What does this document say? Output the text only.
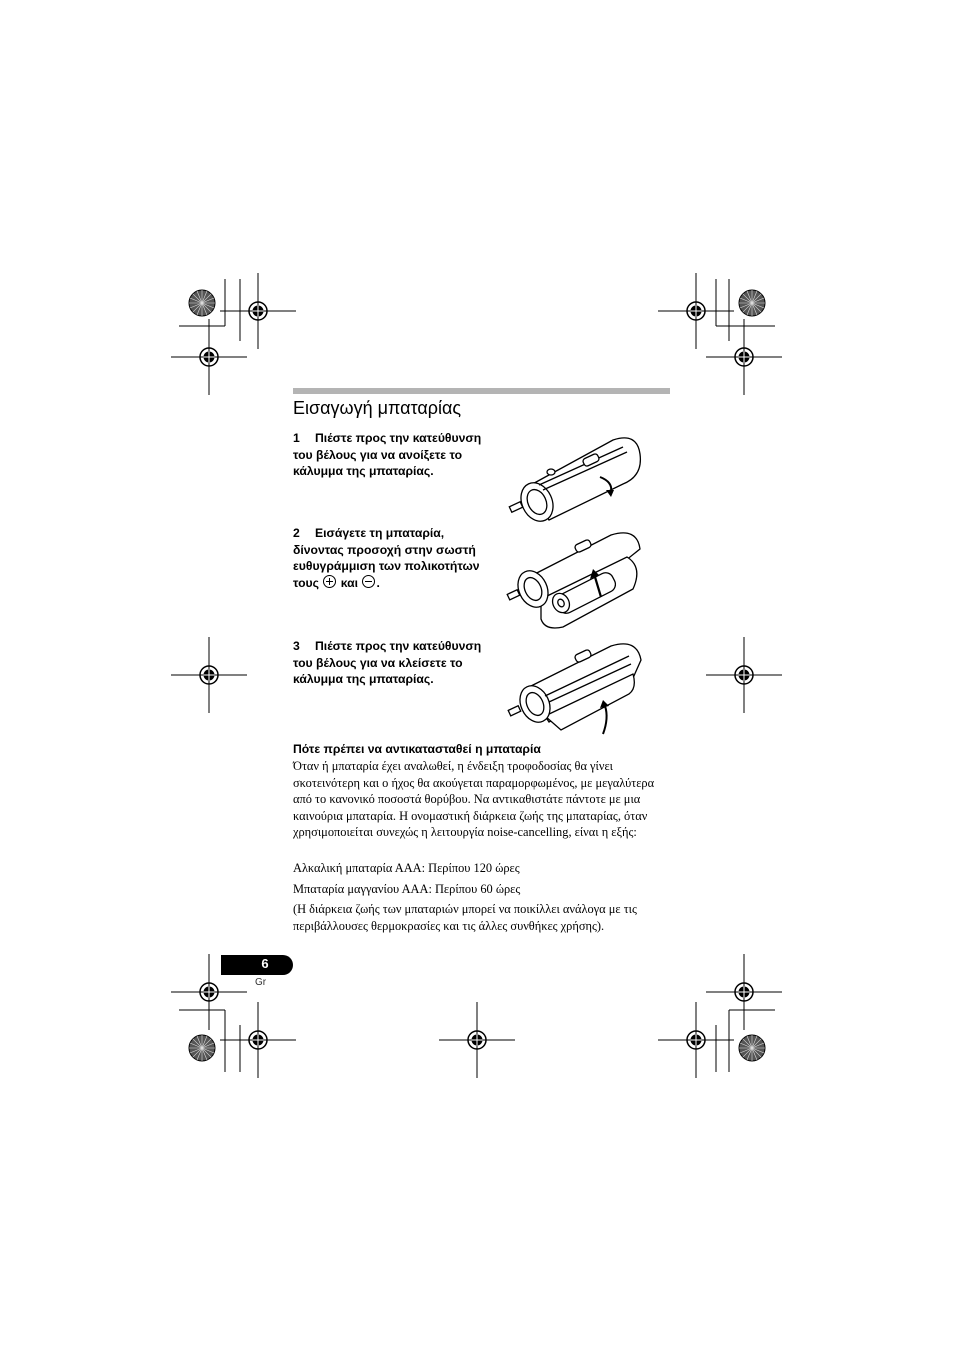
Εισαγωγή μπαταρίας
1 Πιέστε προς την κατεύθυνση του βέλους για να ανοίξετε το κάλυμμα της μπαταρίας.
2 Εισάγετε τη μπαταρία, δίνοντας προσοχή στην σωστή ευθυγράμμιση των πολικοτήτων τους και .
3 Πιέστε προς την κατεύθυνση του βέλους για να κλείσετε το κάλυμμα της μπαταρίας.
Πότε πρέπει να αντικατασταθεί η μπαταρία

Όταν ή μπαταρία έχει αναλωθεί, η ένδειξη τροφοδοσίας θα γίνει σκοτεινότερη και ο ήχος θα ακούγεται παραμορφωμένος, με μεγαλύτερα από το κανονικό ποσοστά θορύβου. Να αντικαθιστάτε πάντοτε με μια καινούρια μπαταρία. Η ονομαστική διάρκεια ζωής της μπαταρίας, όταν χρησιμοποιείται συνεχώς η λειτουργία noise-cancelling, είναι η εξής:

Αλκαλική μπαταρία ΑΑΑ: Περίπου 120 ώρες
Μπαταρία μαγγανίου ΑΑΑ: Περίπου 60 ώρες
(Η διάρκεια ζωής των μπαταριών μπορεί να ποικίλλει ανάλογα με τις περιβάλλουσες θερμοκρασίες και τις άλλες συνθήκες χρήσης).
6
Gr
